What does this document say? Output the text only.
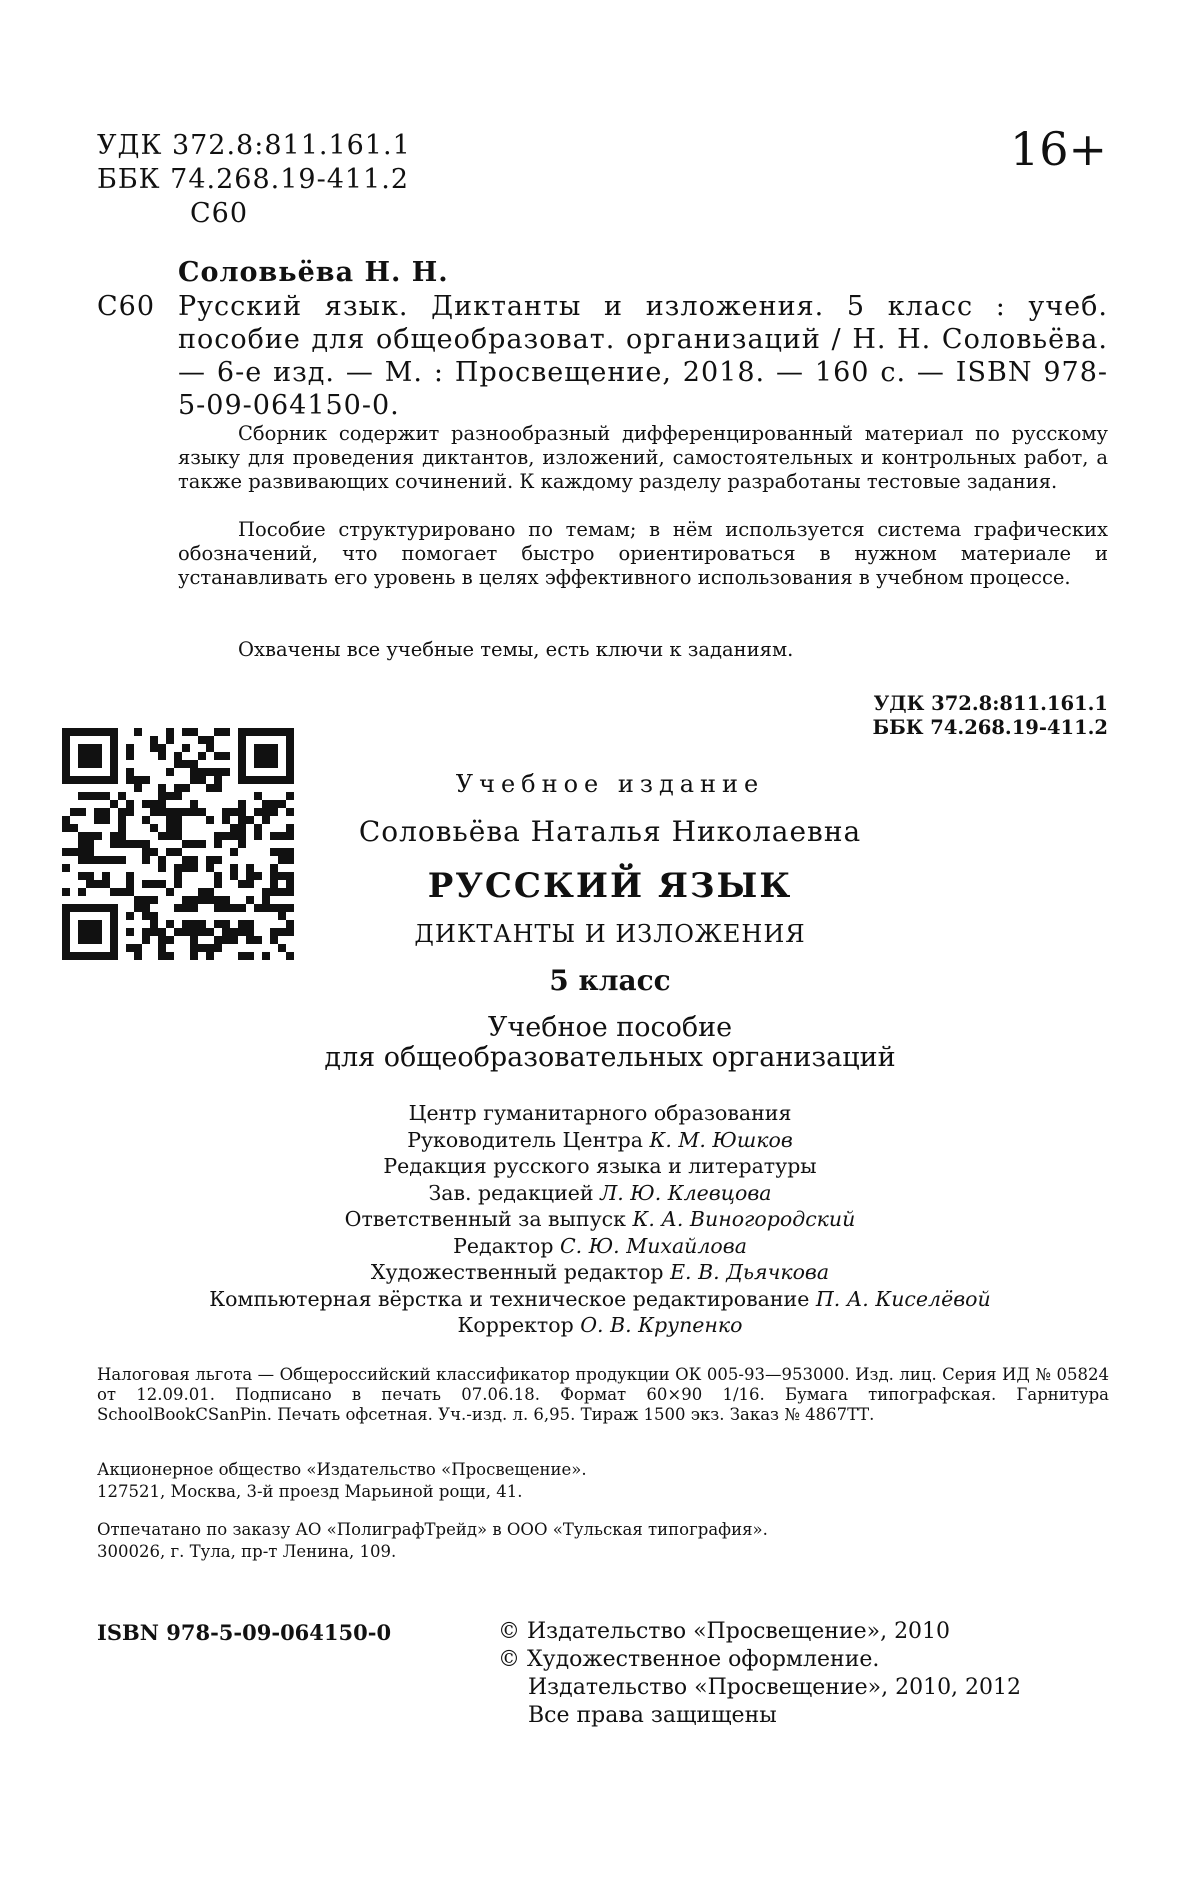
УДК 372.8:811.161.1
ББК 74.268.19-411.2
С60
16+
Соловьёва Н. Н.
С60 Русский язык. Диктанты и изложения. 5 класс : учеб. пособие для общеобразоват. организаций / Н. Н. Соловьёва. — 6-е изд. — М. : Просвещение, 2018. — 160 с. — ISBN 978-5-09-064150-0.
Сборник содержит разнообразный дифференцированный материал по русскому языку для проведения диктантов, изложений, самостоятельных и контрольных работ, а также развивающих сочинений. К каждому разделу разработаны тестовые задания.
Пособие структурировано по темам; в нём используется система графических обозначений, что помогает быстро ориентироваться в нужном материале и устанавливать его уровень в целях эффективного использования в учебном процессе.
Охвачены все учебные темы, есть ключи к заданиям.
УДК 372.8:811.161.1
ББК 74.268.19-411.2
Учебное издание
Соловьёва Наталья Николаевна
РУССКИЙ ЯЗЫК
ДИКТАНТЫ И ИЗЛОЖЕНИЯ
5 класс
Учебное пособие
для общеобразовательных организаций
Центр гуманитарного образования
Руководитель Центра К. М. Юшков
Редакция русского языка и литературы
Зав. редакцией Л. Ю. Клевцова
Ответственный за выпуск К. А. Виногородский
Редактор С. Ю. Михайлова
Художественный редактор Е. В. Дьячкова
Компьютерная вёрстка и техническое редактирование П. А. Киселёвой
Корректор О. В. Крупенко
Налоговая льгота — Общероссийский классификатор продукции ОК 005-93—953000. Изд. лиц. Серия ИД № 05824 от 12.09.01. Подписано в печать 07.06.18. Формат 60×90 1/16. Бумага типографская. Гарнитура SchoolBookCSanPin. Печать офсетная. Уч.-изд. л. 6,95. Тираж 1500 экз. Заказ № 4867ТТ.
Акционерное общество «Издательство «Просвещение».
127521, Москва, 3-й проезд Марьиной рощи, 41.
Отпечатано по заказу АО «ПолиграфТрейд» в ООО «Тульская типография».
300026, г. Тула, пр-т Ленина, 109.
ISBN 978-5-09-064150-0	© Издательство «Просвещение», 2010
© Художественное оформление.
Издательство «Просвещение», 2010, 2012
Все права защищены
